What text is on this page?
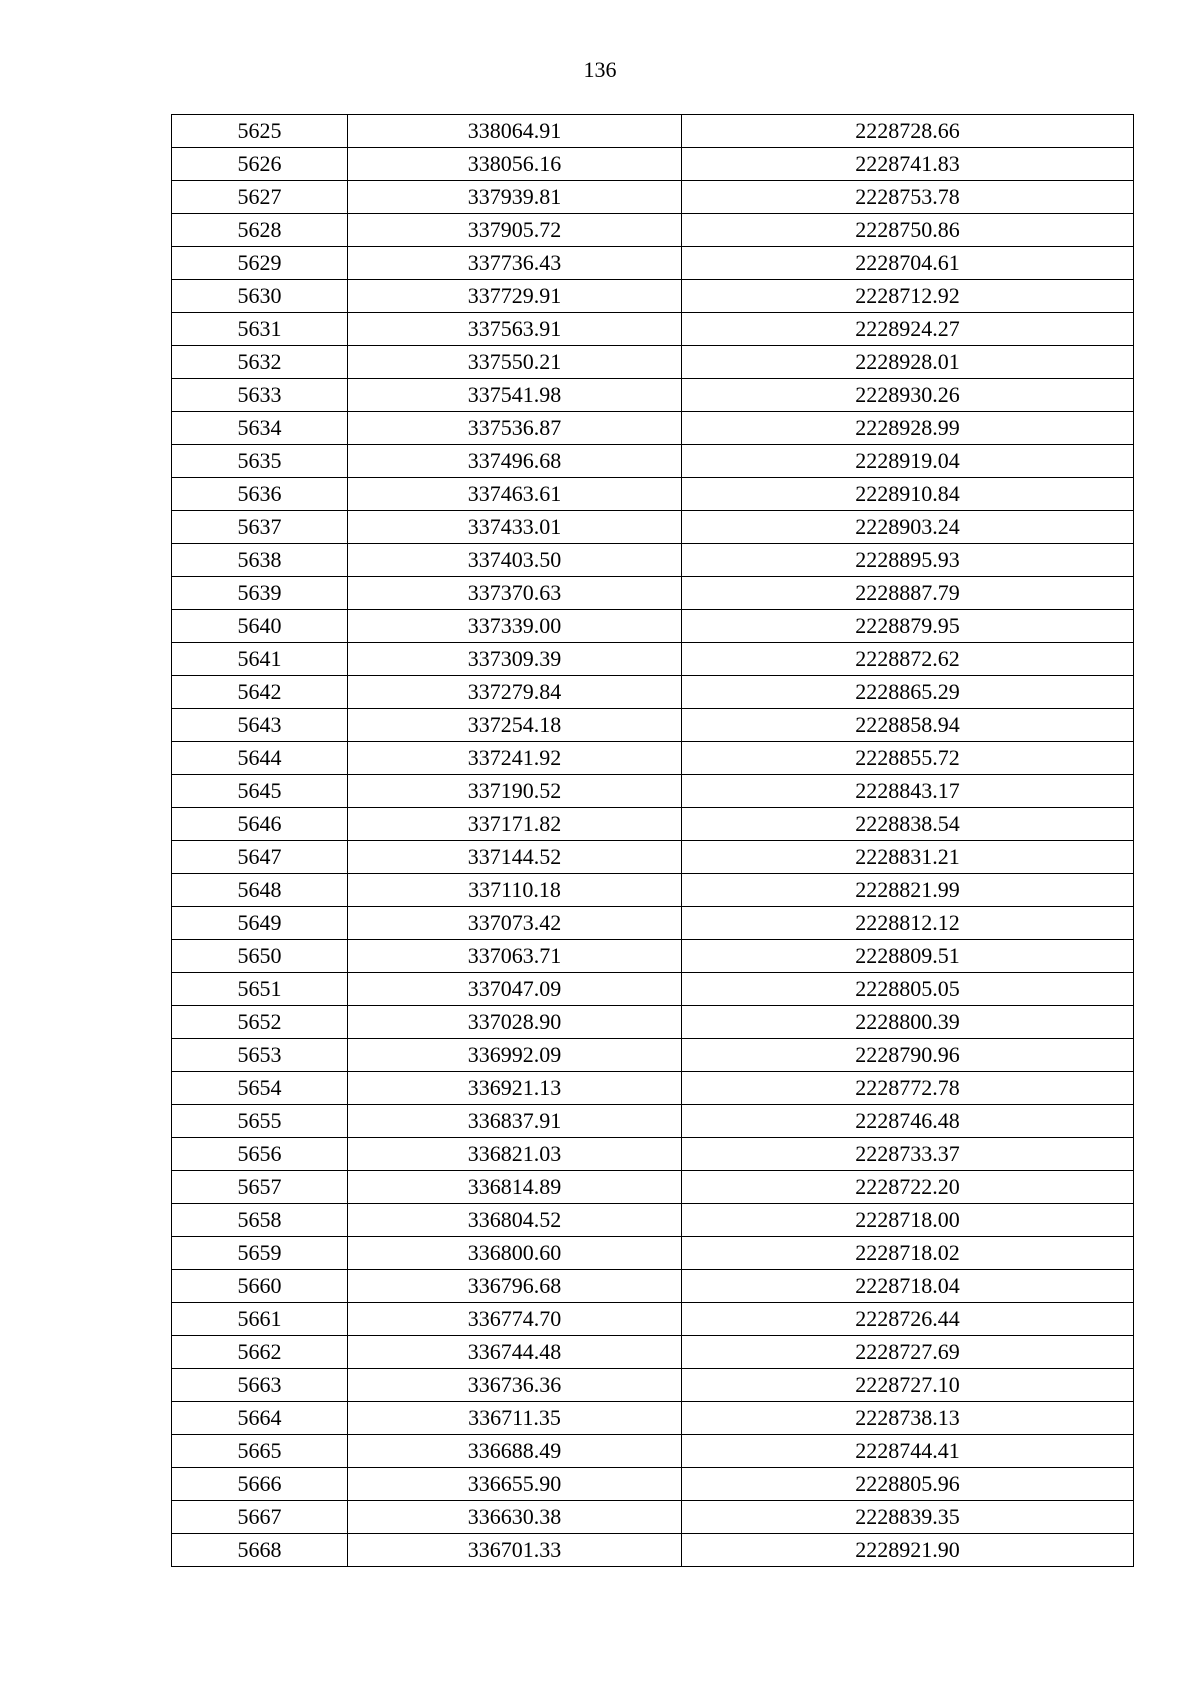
136
5625	338064.91	2228728.66
5626	338056.16	2228741.83
5627	337939.81	2228753.78
5628	337905.72	2228750.86
5629	337736.43	2228704.61
5630	337729.91	2228712.92
5631	337563.91	2228924.27
5632	337550.21	2228928.01
5633	337541.98	2228930.26
5634	337536.87	2228928.99
5635	337496.68	2228919.04
5636	337463.61	2228910.84
5637	337433.01	2228903.24
5638	337403.50	2228895.93
5639	337370.63	2228887.79
5640	337339.00	2228879.95
5641	337309.39	2228872.62
5642	337279.84	2228865.29
5643	337254.18	2228858.94
5644	337241.92	2228855.72
5645	337190.52	2228843.17
5646	337171.82	2228838.54
5647	337144.52	2228831.21
5648	337110.18	2228821.99
5649	337073.42	2228812.12
5650	337063.71	2228809.51
5651	337047.09	2228805.05
5652	337028.90	2228800.39
5653	336992.09	2228790.96
5654	336921.13	2228772.78
5655	336837.91	2228746.48
5656	336821.03	2228733.37
5657	336814.89	2228722.20
5658	336804.52	2228718.00
5659	336800.60	2228718.02
5660	336796.68	2228718.04
5661	336774.70	2228726.44
5662	336744.48	2228727.69
5663	336736.36	2228727.10
5664	336711.35	2228738.13
5665	336688.49	2228744.41
5666	336655.90	2228805.96
5667	336630.38	2228839.35
5668	336701.33	2228921.90
